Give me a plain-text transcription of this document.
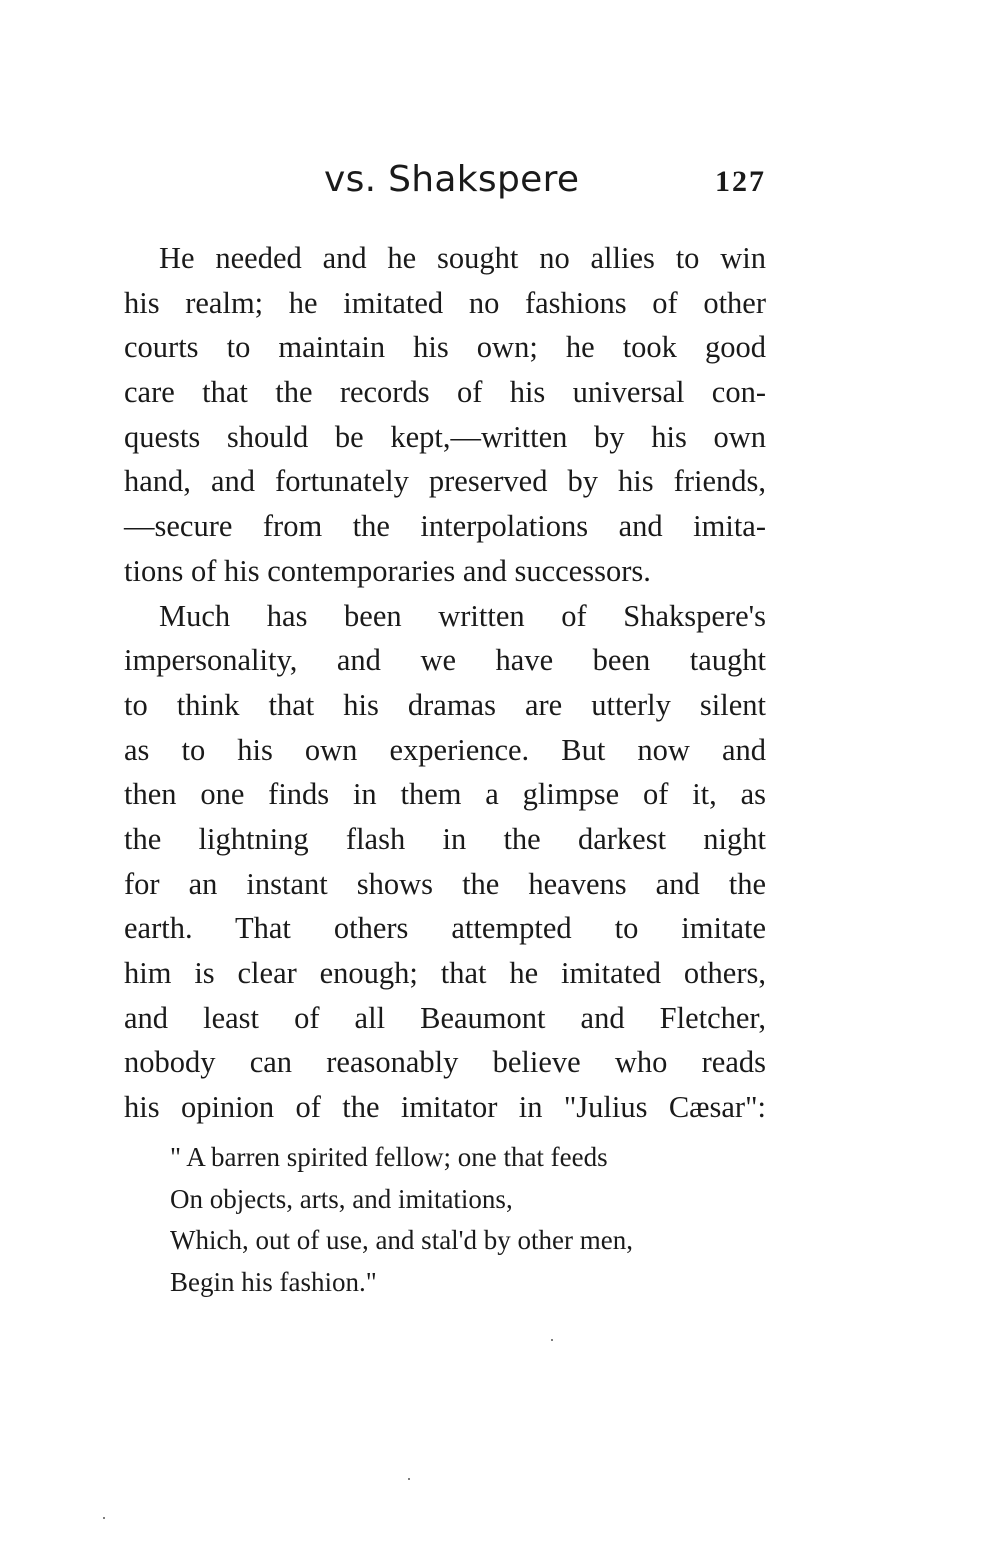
vs. Shakspere	127
He needed and he sought no allies to win
his realm; he imitated no fashions of other
courts to maintain his own; he took good
care that the records of his universal con-
quests should be kept,—written by his own
hand, and fortunately preserved by his friends,
—secure from the interpolations and imita-
tions of his contemporaries and successors.
Much has been written of Shakspere's
impersonality, and we have been taught
to think that his dramas are utterly silent
as to his own experience. But now and
then one finds in them a glimpse of it, as
the lightning flash in the darkest night
for an instant shows the heavens and the
earth. That others attempted to imitate
him is clear enough; that he imitated others,
and least of all Beaumont and Fletcher,
nobody can reasonably believe who reads
his opinion of the imitator in "Julius Cæsar":
" A barren spirited fellow; one that feeds
On objects, arts, and imitations,
Which, out of use, and stal'd by other men,
Begin his fashion."
